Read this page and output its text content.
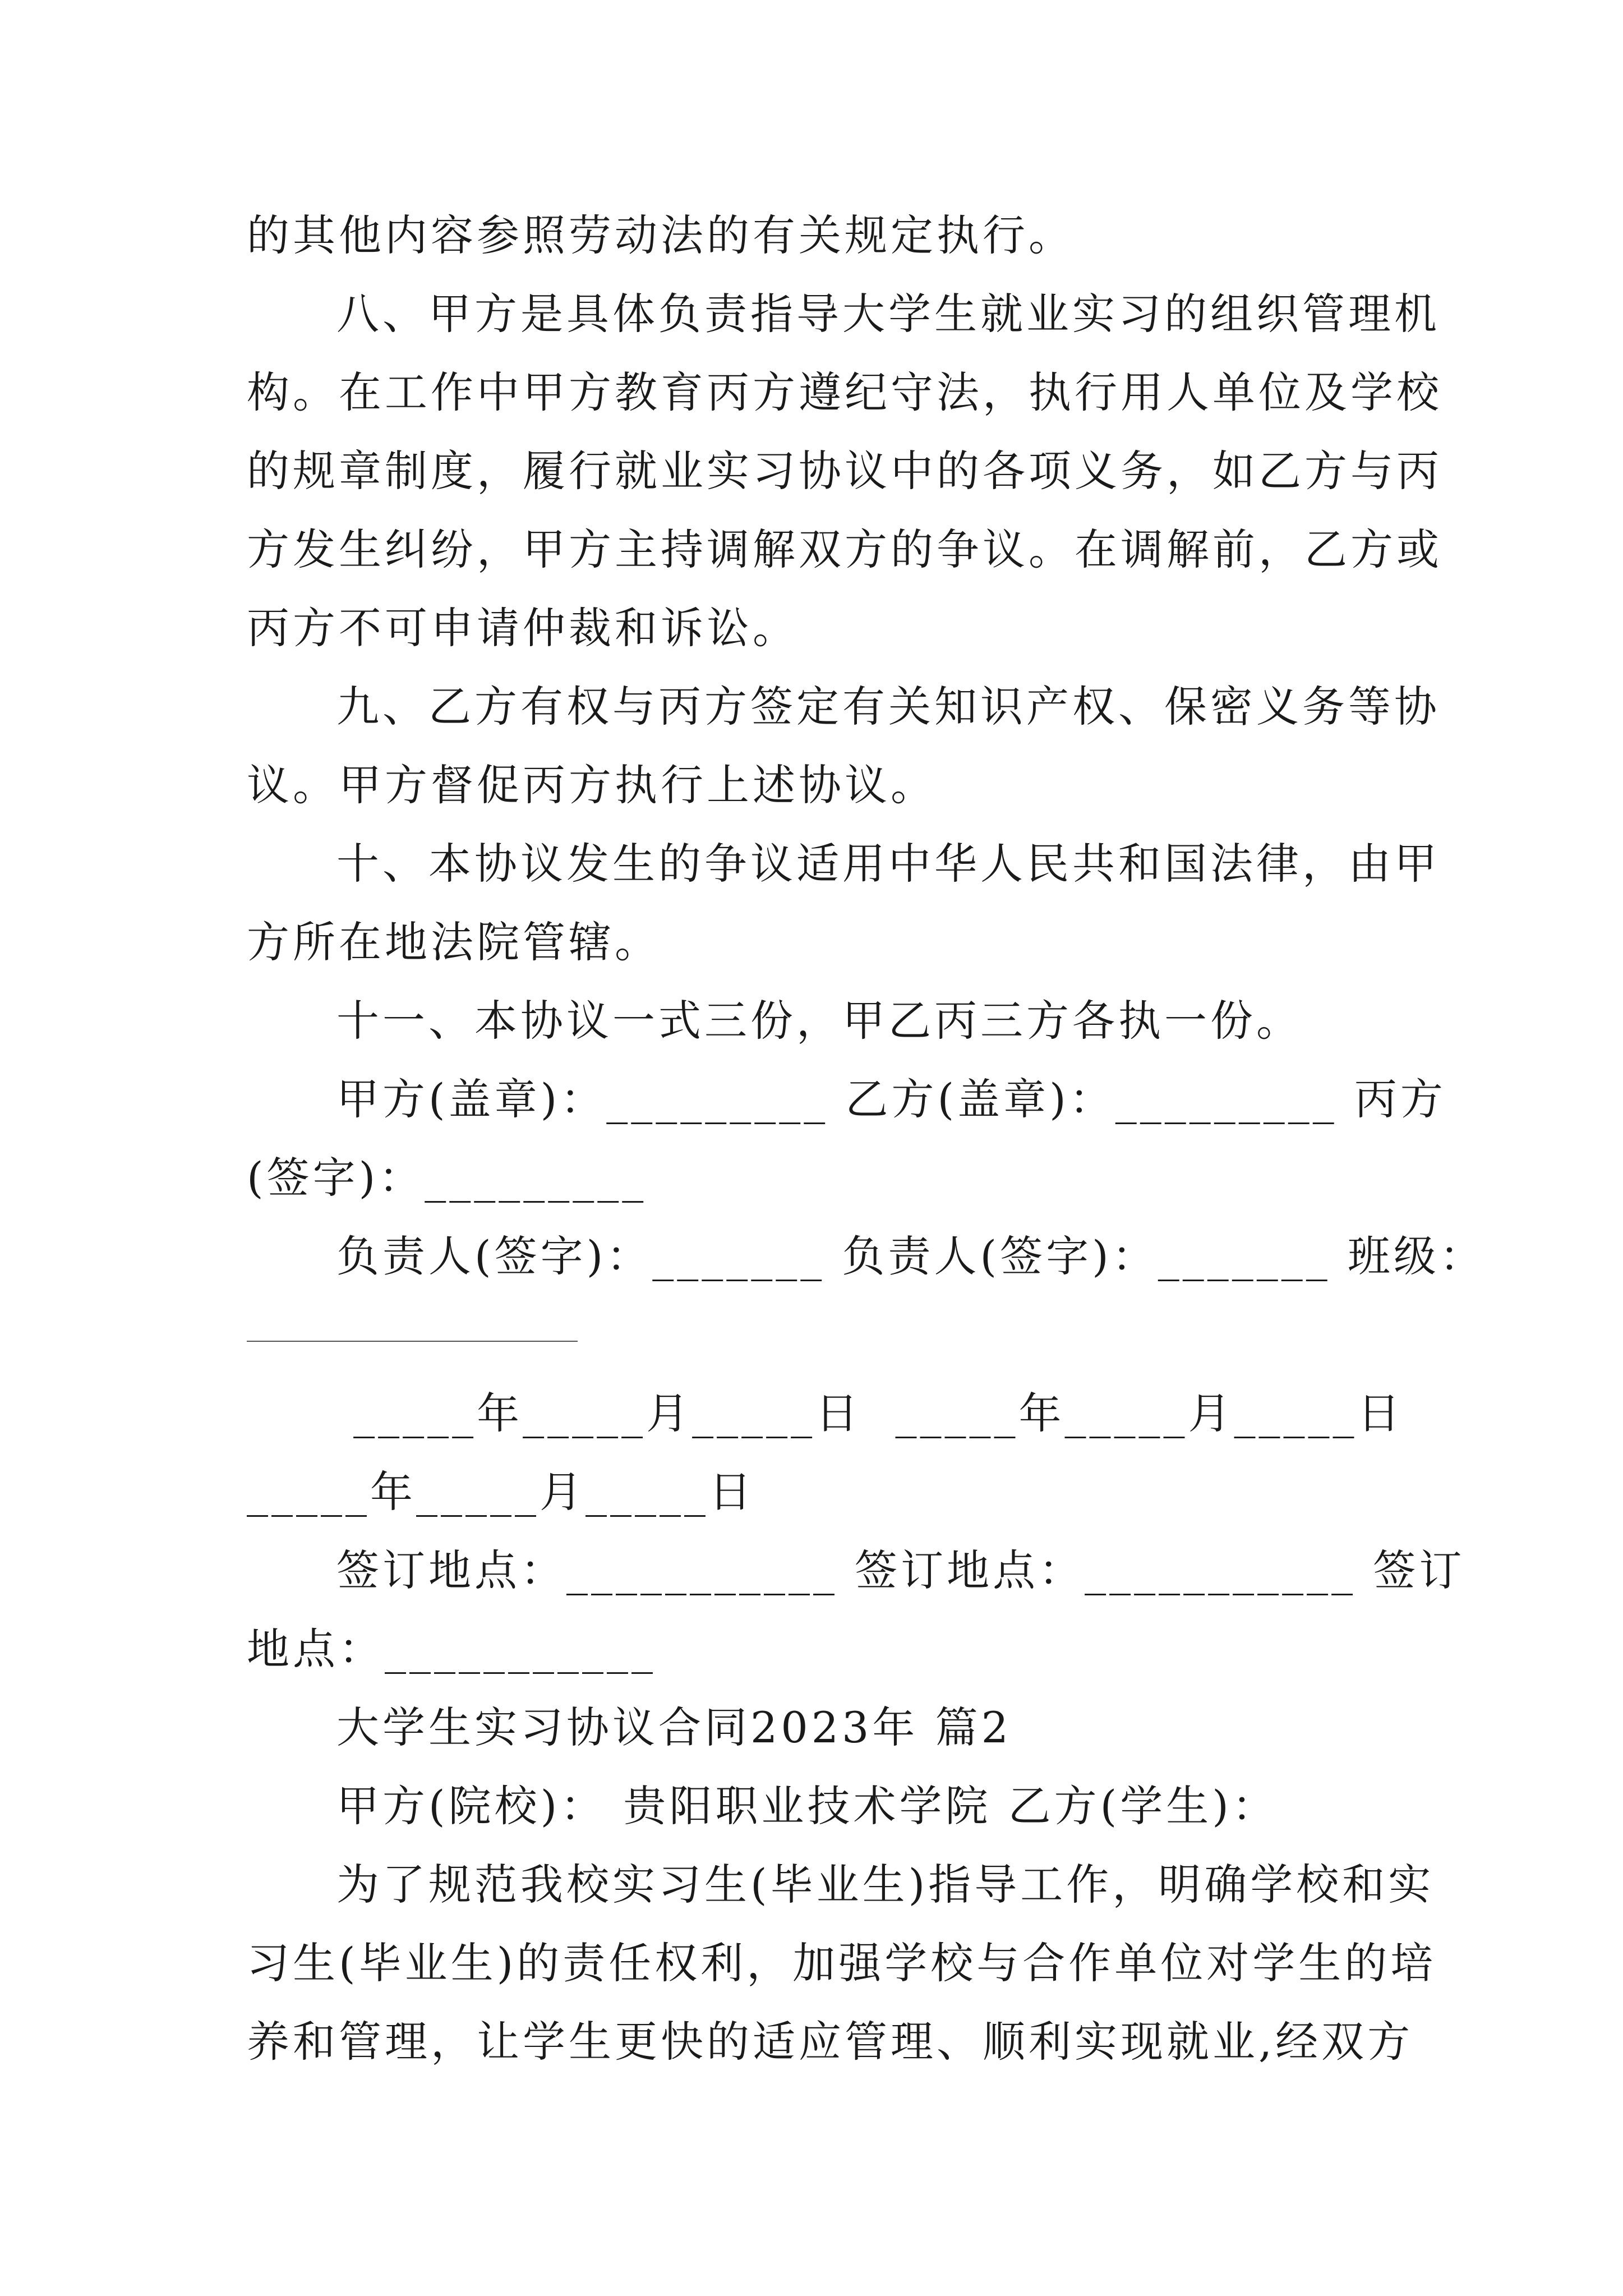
的其他内容参照劳动法的有关规定执行。
八、甲方是具体负责指导大学生就业实习的组织管理机
构。在工作中甲方教育丙方遵纪守法，执行用人单位及学校
的规章制度，履行就业实习协议中的各项义务，如乙方与丙
方发生纠纷，甲方主持调解双方的争议。在调解前，乙方或
丙方不可申请仲裁和诉讼。
九、乙方有权与丙方签定有关知识产权、保密义务等协
议。甲方督促丙方执行上述协议。
十、本协议发生的争议适用中华人民共和国法律，由甲
方所在地法院管辖。
十一、本协议一式三份，甲乙丙三方各执一份。
甲方(盖章)：_________ 乙方(盖章)：_________ 丙方
(签字)：_________
负责人(签字)：_______ 负责人(签字)：_______ 班级：
_____年_____月_____日  _____年_____月_____日
_____年_____月_____日
签订地点：___________ 签订地点：___________ 签订
地点：___________
大学生实习协议合同2023年 篇2
甲方(院校)： 贵阳职业技术学院 乙方(学生)：
为了规范我校实习生(毕业生)指导工作，明确学校和实
习生(毕业生)的责任权利，加强学校与合作单位对学生的培
养和管理，让学生更快的适应管理、顺利实现就业,经双方
